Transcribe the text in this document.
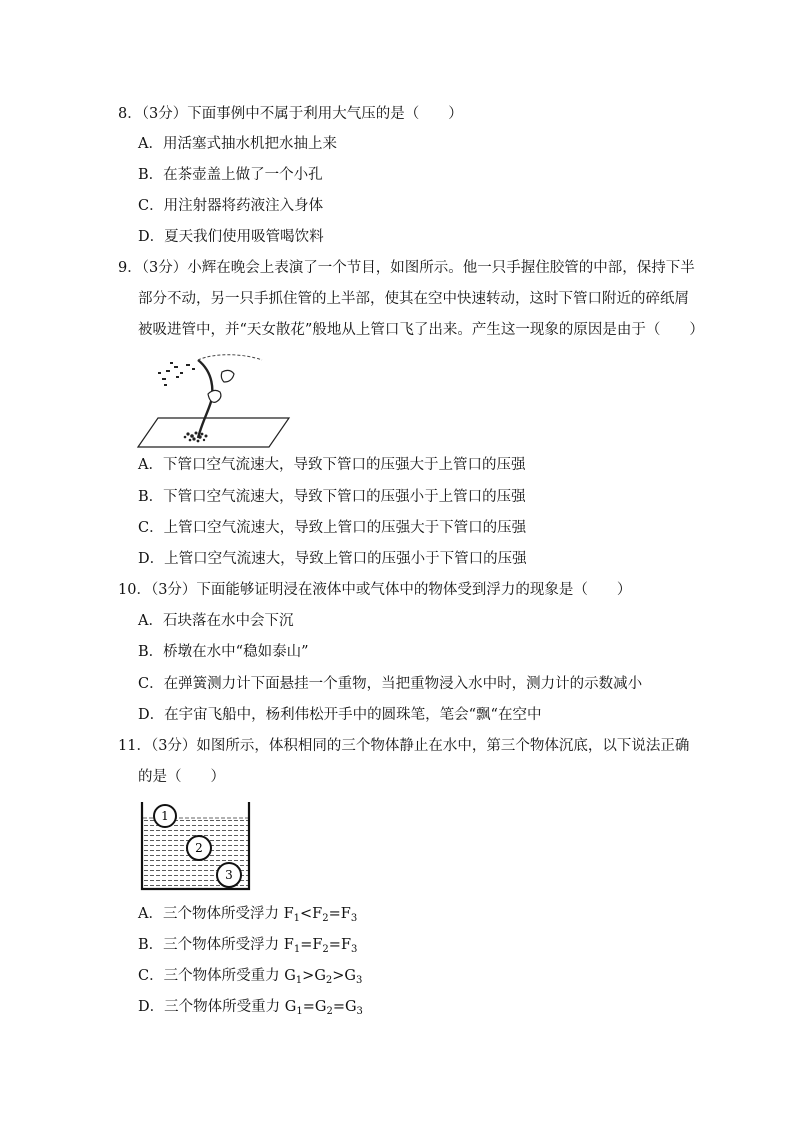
8．（3分）下面事例中不属于利用大气压的是（　　）
A．用活塞式抽水机把水抽上来
B．在茶壶盖上做了一个小孔
C．用注射器将药液注入身体
D．夏天我们使用吸管喝饮料
9．（3分）小辉在晚会上表演了一个节目，如图所示。他一只手握住胶管的中部，保持下半
部分不动，另一只手抓住管的上半部，使其在空中快速转动，这时下管口附近的碎纸屑
被吸进管中，并“天女散花”般地从上管口飞了出来。产生这一现象的原因是由于（　　）
A．下管口空气流速大，导致下管口的压强大于上管口的压强
B．下管口空气流速大，导致下管口的压强小于上管口的压强
C．上管口空气流速大，导致上管口的压强大于下管口的压强
D．上管口空气流速大，导致上管口的压强小于下管口的压强
10．（3分）下面能够证明浸在液体中或气体中的物体受到浮力的现象是（　　）
A．石块落在水中会下沉
B．桥墩在水中“稳如泰山”
C．在弹簧测力计下面悬挂一个重物，当把重物浸入水中时，测力计的示数减小
D．在宇宙飞船中，杨利伟松开手中的圆珠笔，笔会“飘“在空中
11．（3分）如图所示，体积相同的三个物体静止在水中，第三个物体沉底，以下说法正确
的是（　　）
1
2
3
A．三个物体所受浮力 $F_1<F_2=F_3$
B．三个物体所受浮力 $F_1=F_2=F_3$
C．三个物体所受重力 $G_1>G_2>G_3$
D．三个物体所受重力 $G_1=G_2=G_3$
